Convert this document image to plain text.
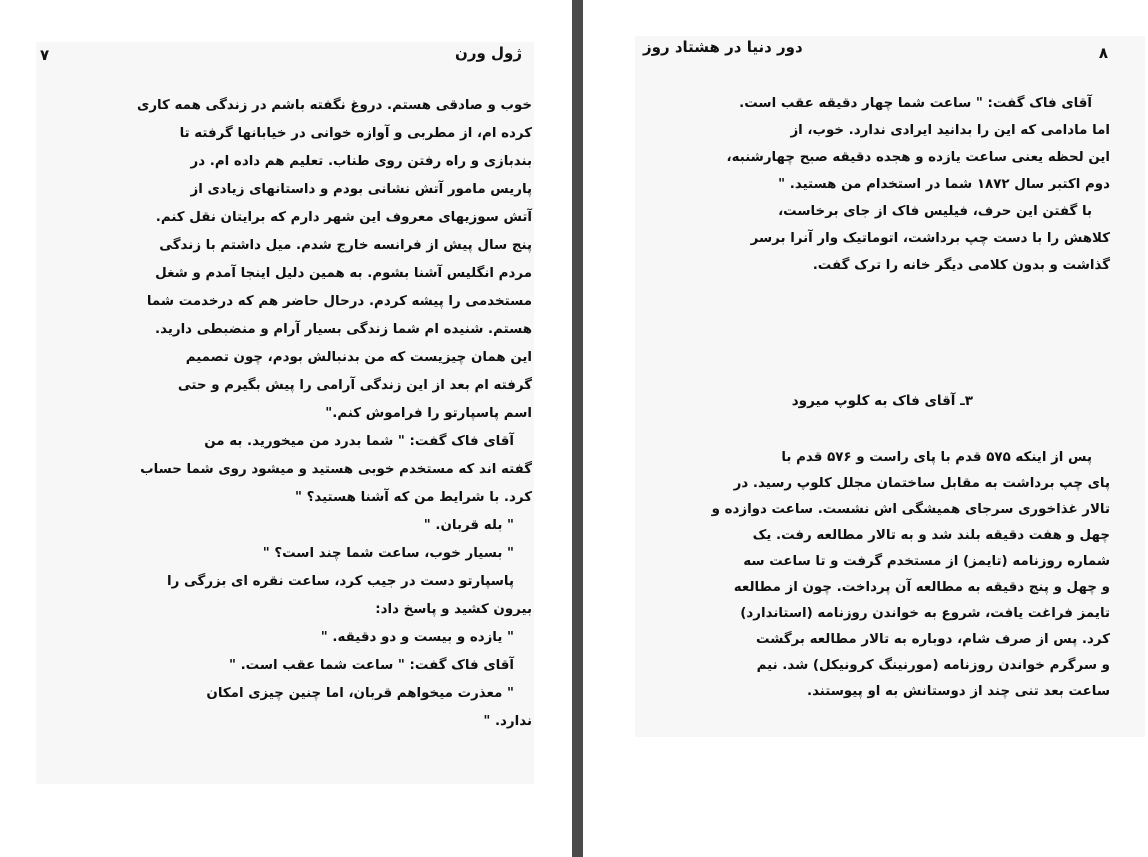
۷	ژول ورن
خوب و صادقی هستم. دروغ نگفته باشم در زندگی همه کاری
کرده ام، از مطربی و آوازه خوانی در خیابانها گرفته تا
بندبازی و راه رفتن روی طناب. تعلیم هم داده ام. در
پاریس مامور آتش نشانی بودم و داستانهای زیادی از
آتش سوزیهای معروف این شهر دارم که برایتان نقل کنم.
پنج سال پیش از فرانسه خارج شدم. میل داشتم با زندگی
مردم انگلیس آشنا بشوم. به همین دلیل اینجا آمدم و شغل
مستخدمی را پیشه کردم. درحال حاضر هم که درخدمت شما
هستم. شنیده ام شما زندگی بسیار آرام و منضبطی دارید.
این همان چیزیست که من بدنبالش بودم، چون تصمیم
گرفته ام بعد از این زندگی آرامی را پیش بگیرم و حتی
اسم پاسپارتو را فراموش کنم."
آقای فاک گفت: " شما بدرد من میخورید. به من
گفته اند که مستخدم خوبی هستید و میشود روی شما حساب
کرد. با شرایط من که آشنا هستید؟ "
" بله قربان. "
" بسیار خوب، ساعت شما چند است؟ "
پاسپارتو دست در جیب کرد، ساعت نقره ای بزرگی را
بیرون کشید و پاسخ داد:
" یازده و بیست و دو دقیقه. "
آقای فاک گفت: " ساعت شما عقب است. "
" معذرت میخواهم قربان، اما چنین چیزی امکان
ندارد. "
۸
دور دنیا در هشتاد روز
آقای فاک گفت: " ساعت شما چهار دقیقه عقب است.
اما مادامی که این را بدانید ایرادی ندارد. خوب، از
این لحظه یعنی ساعت یازده و هجده دقیقه صبح چهارشنبه،
دوم اکتبر سال ۱۸۷۲ شما در استخدام من هستید. "
با گفتن این حرف، فیلیس فاک از جای برخاست،
کلاهش را با دست چپ برداشت، اتوماتیک وار آنرا برسر
گذاشت و بدون کلامی دیگر خانه را ترک گفت.
۳ـ آقای فاک به کلوپ میرود
پس از اینکه ۵۷۵ قدم با پای راست و ۵۷۶ قدم با
پای چپ برداشت به مقابل ساختمان مجلل کلوپ رسید. در
تالار غذاخوری سرجای همیشگی اش نشست. ساعت دوازده و
چهل و هفت دقیقه بلند شد و به تالار مطالعه رفت. یک
شماره روزنامه (تایمز) از مستخدم گرفت و تا ساعت سه
و چهل و پنج دقیقه به مطالعه آن پرداخت. چون از مطالعه
تایمز فراغت یافت، شروع به خواندن روزنامه (استاندارد)
کرد. پس از صرف شام، دوباره به تالار مطالعه برگشت
و سرگرم خواندن روزنامه (مورنینگ کرونیکل) شد. نیم
ساعت بعد تنی چند از دوستانش به او پیوستند.
